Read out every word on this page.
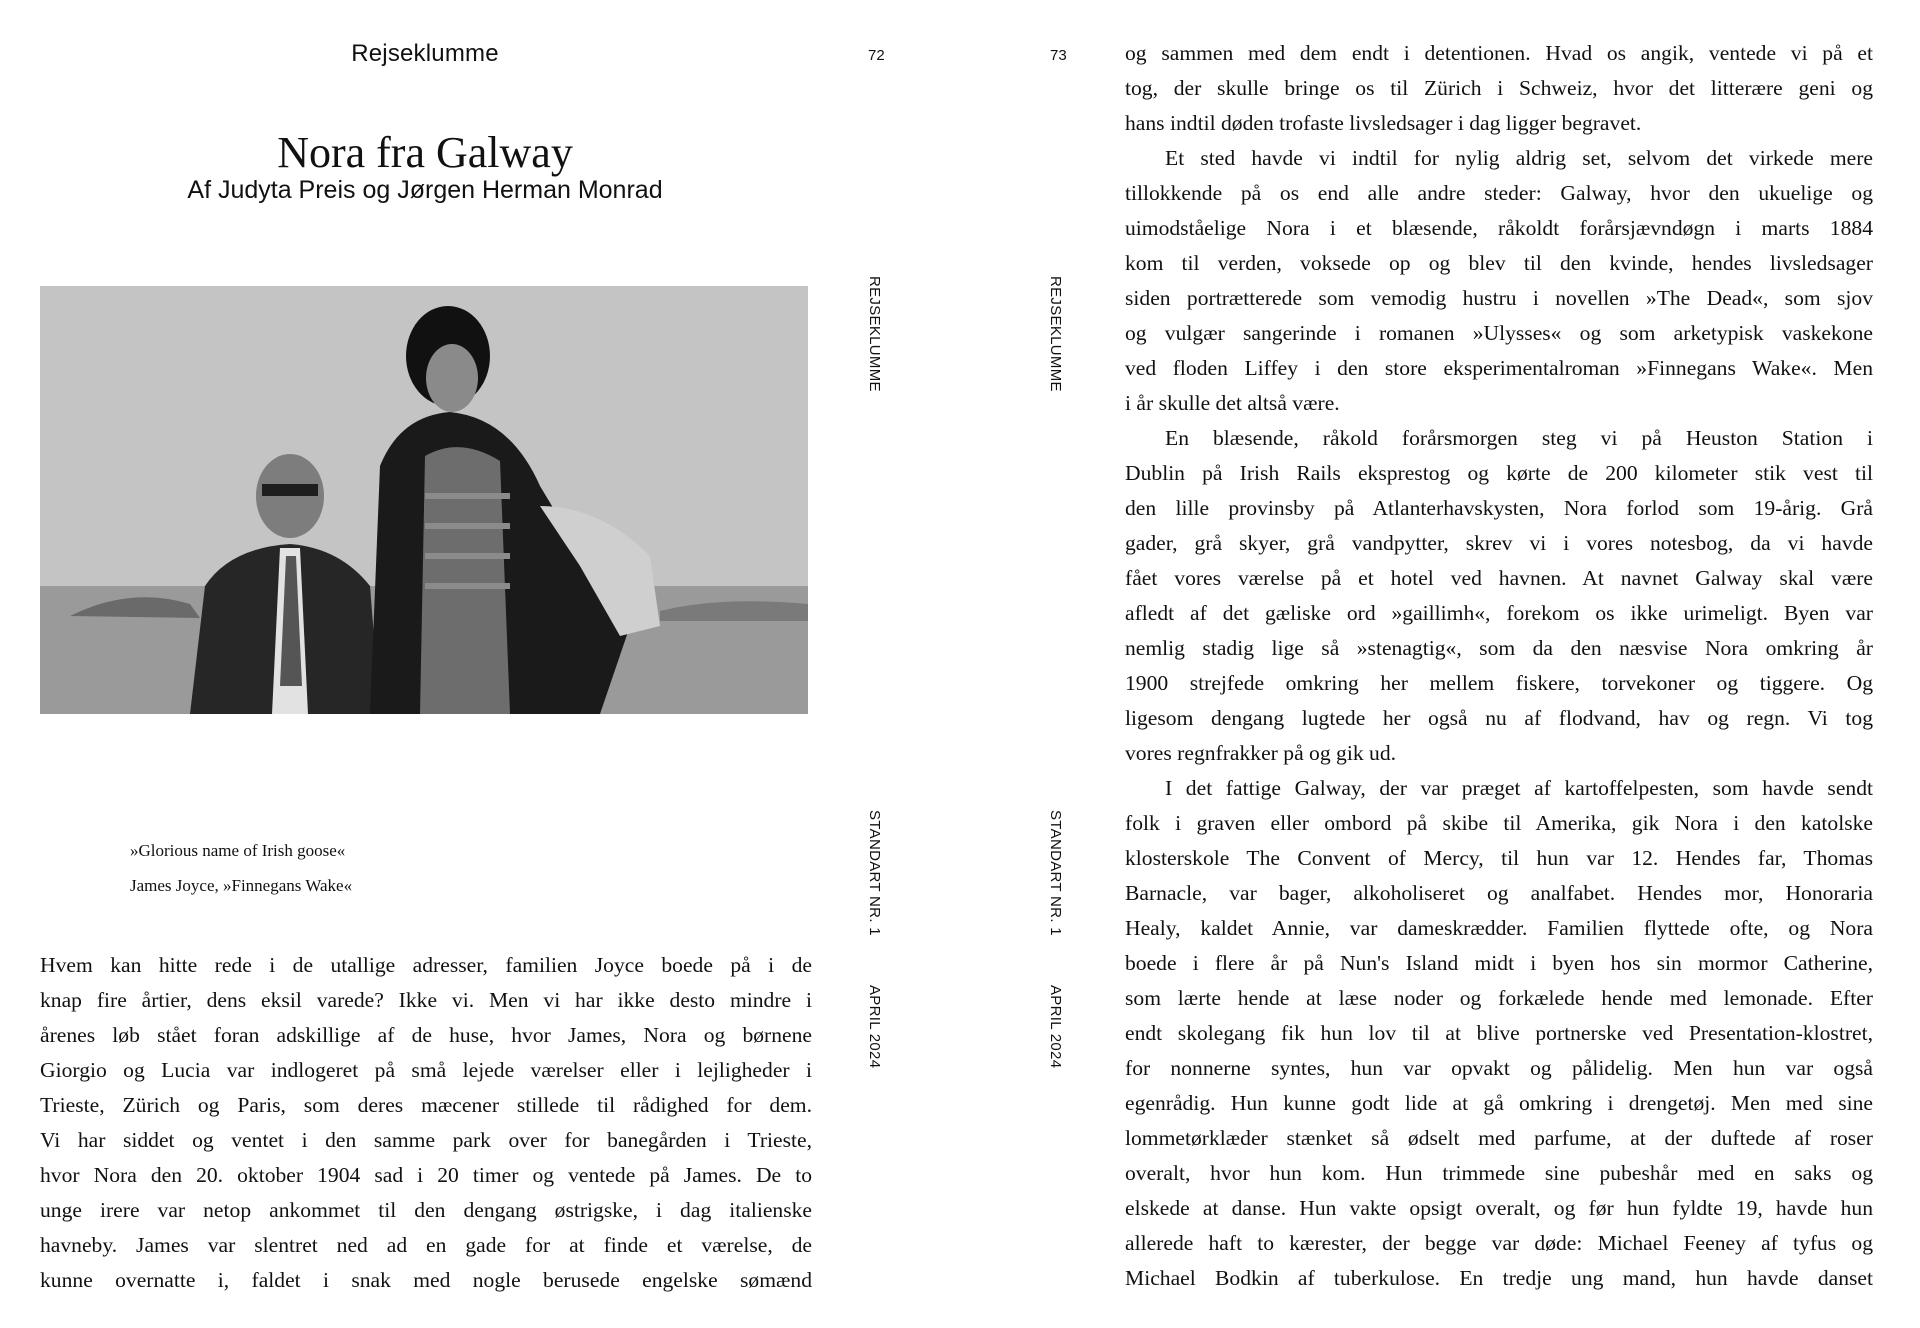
Rejseklumme	72
Nora fra Galway
Af Judyta Preis og Jørgen Herman Monrad
»Glorious name of Irish goose«
James Joyce, »Finnegans Wake«

Hvem kan hitte rede i de utallige adresser, familien Joyce boede på i de

knap fire årtier, dens eksil varede? Ikke vi. Men vi har ikke desto mindre i

årenes løb stået foran adskillige af de huse, hvor James, Nora og børnene

Giorgio og Lucia var indlogeret på små lejede værelser eller i lejligheder i

Trieste, Zürich og Paris, som deres mæcener stillede til rådighed for dem.

Vi har siddet og ventet i den samme park over for banegården i Trieste,

hvor Nora den 20. oktober 1904 sad i 20 timer og ventede på James. De to

unge irere var netop ankommet til den dengang østrigske, i dag italienske

havneby. James var slentret ned ad en gade for at finde et værelse, de

kunne overnatte i, faldet i snak med nogle berusede engelske sømænd

REJSEKLUMME
STANDART NR. 1
APRIL 2024
73
REJSEKLUMME
STANDART NR. 1
APRIL 2024

og sammen med dem endt i detentionen. Hvad os angik, ventede vi på et

tog, der skulle bringe os til Zürich i Schweiz, hvor det litterære geni og

hans indtil døden trofaste livsledsager i dag ligger begravet.

Et sted havde vi indtil for nylig aldrig set, selvom det virkede mere

tillokkende på os end alle andre steder: Galway, hvor den ukuelige og

uimodståelige Nora i et blæsende, råkoldt forårsjævndøgn i marts 1884

kom til verden, voksede op og blev til den kvinde, hendes livsledsager

siden portrætterede som vemodig hustru i novellen »The Dead«, som sjov

og vulgær sangerinde i romanen »Ulysses« og som arketypisk vaskekone

ved floden Liffey i den store eksperimentalroman »Finnegans Wake«. Men

i år skulle det altså være.

En blæsende, råkold forårsmorgen steg vi på Heuston Station i

Dublin på Irish Rails eksprestog og kørte de 200 kilometer stik vest til

den lille provinsby på Atlanterhavskysten, Nora forlod som 19-årig. Grå

gader, grå skyer, grå vandpytter, skrev vi i vores notesbog, da vi havde

fået vores værelse på et hotel ved havnen. At navnet Galway skal være

afledt af det gæliske ord »gaillimh«, forekom os ikke urimeligt. Byen var

nemlig stadig lige så »stenagtig«, som da den næsvise Nora omkring år

1900 strejfede omkring her mellem fiskere, torvekoner og tiggere. Og

ligesom dengang lugtede her også nu af flodvand, hav og regn. Vi tog

vores regnfrakker på og gik ud.

I det fattige Galway, der var præget af kartoffelpesten, som havde sendt

folk i graven eller ombord på skibe til Amerika, gik Nora i den katolske

klosterskole The Convent of Mercy, til hun var 12. Hendes far, Thomas

Barnacle, var bager, alkoholiseret og analfabet. Hendes mor, Honoraria

Healy, kaldet Annie, var dameskrædder. Familien flyttede ofte, og Nora

boede i flere år på Nun's Island midt i byen hos sin mormor Catherine,

som lærte hende at læse noder og forkælede hende med lemonade. Efter

endt skolegang fik hun lov til at blive portnerske ved Presentation-klostret,

for nonnerne syntes, hun var opvakt og pålidelig. Men hun var også

egenrådig. Hun kunne godt lide at gå omkring i drengetøj. Men med sine

lommetørklæder stænket så ødselt med parfume, at der duftede af roser

overalt, hvor hun kom. Hun trimmede sine pubeshår med en saks og

elskede at danse. Hun vakte opsigt overalt, og før hun fyldte 19, havde hun

allerede haft to kærester, der begge var døde: Michael Feeney af tyfus og

Michael Bodkin af tuberkulose. En tredje ung mand, hun havde danset
